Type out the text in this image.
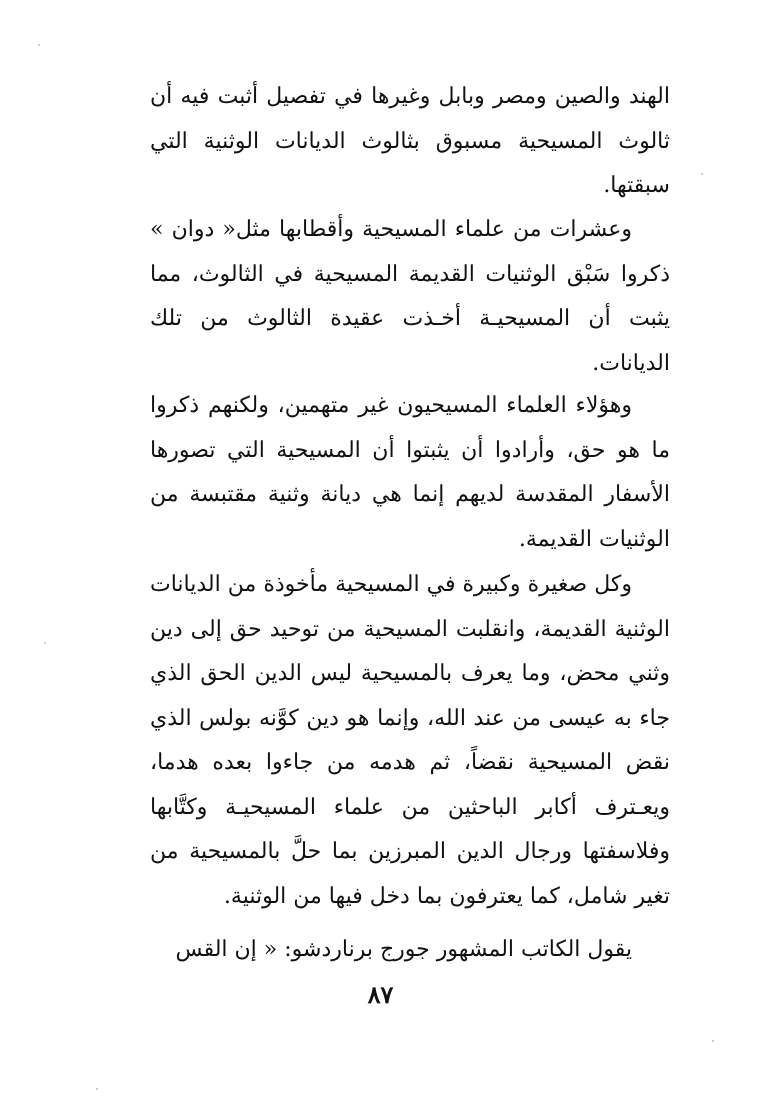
الهند والصين ومصر وبابل وغيرها في تفصيل أثبت فيه أن ثالوث المسيحية مسبوق بثالوث الديانات الوثنية التي سبقتها.

وعشرات من علماء المسيحية وأقطابها مثل« دوان » ذكروا سَبْق الوثنيات القديمة المسيحية في الثالوث، مما يثبت أن المسيحيـة أخـذت عقيدة الثالوث من تلك الديانات.

وهؤلاء العلماء المسيحيون غير متهمين، ولكنهم ذكروا ما هو حق، وأرادوا أن يثبتوا أن المسيحية التي تصورها الأسفار المقدسة لديهم إنما هي ديانة وثنية مقتبسة من الوثنيات القديمة.

وكل صغيرة وكبيرة في المسيحية مأخوذة من الديانات الوثنية القديمة، وانقلبت المسيحية من توحيد حق إلى دين وثني محض، وما يعرف بالمسيحية ليس الدين الحق الذي جاء به عيسى من عند الله، وإنما هو دين كوَّنه بولس الذي نقض المسيحية نقضاً، ثم هدمه من جاءوا بعده هدما، ويعـترف أكابر الباحثين من علماء المسيحيـة وكتَّابها وفلاسفتها ورجال الدين المبرزين بما حلَّ بالمسيحية من تغير شامل، كما يعترفون بما دخل فيها من الوثنية.

يقول الكاتب المشهور جورج برناردشو: « إن القس

٨٧
